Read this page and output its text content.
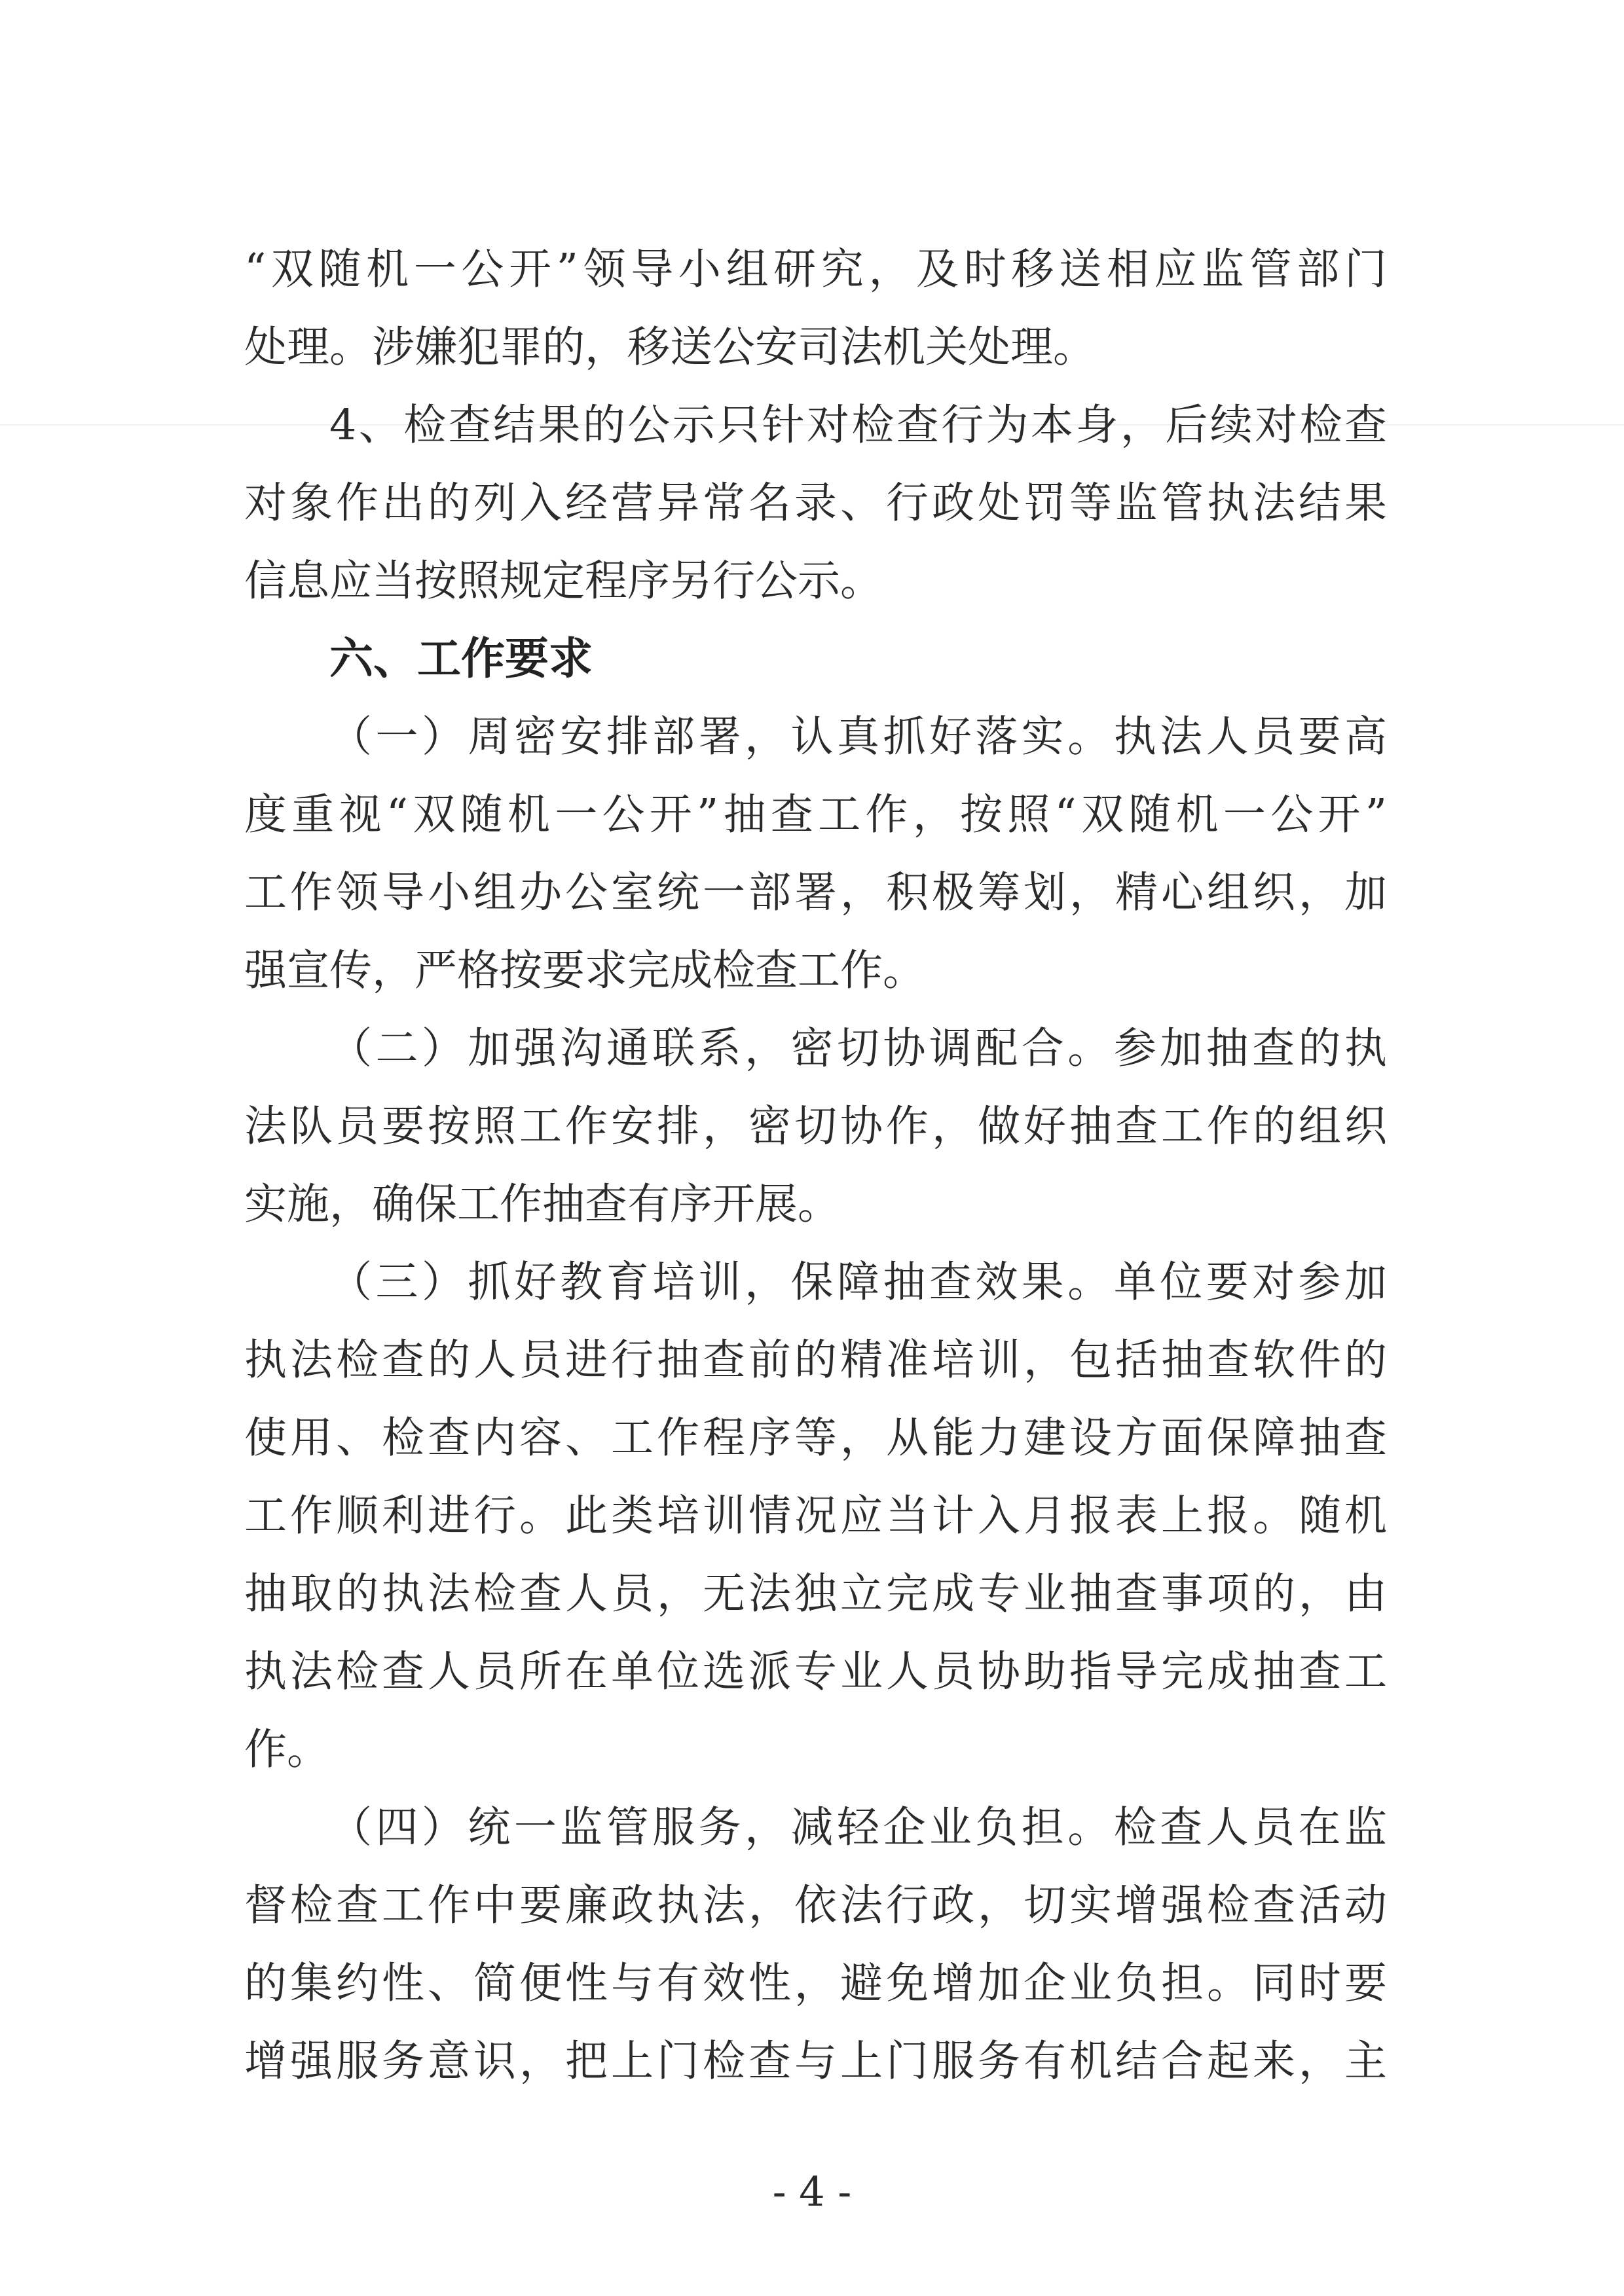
“双随机一公开”领导小组研究，及时移送相应监管部门
处理。涉嫌犯罪的，移送公安司法机关处理。
4、检查结果的公示只针对检查行为本身，后续对检查
对象作出的列入经营异常名录、行政处罚等监管执法结果
信息应当按照规定程序另行公示。
六、工作要求
（一）周密安排部署，认真抓好落实。执法人员要高
度重视“双随机一公开”抽查工作，按照“双随机一公开”
工作领导小组办公室统一部署，积极筹划，精心组织，加
强宣传，严格按要求完成检查工作。
（二）加强沟通联系，密切协调配合。参加抽查的执
法队员要按照工作安排，密切协作，做好抽查工作的组织
实施，确保工作抽查有序开展。
（三）抓好教育培训，保障抽查效果。单位要对参加
执法检查的人员进行抽查前的精准培训，包括抽查软件的
使用、检查内容、工作程序等，从能力建设方面保障抽查
工作顺利进行。此类培训情况应当计入月报表上报。随机
抽取的执法检查人员，无法独立完成专业抽查事项的，由
执法检查人员所在单位选派专业人员协助指导完成抽查工
作。
（四）统一监管服务，减轻企业负担。检查人员在监
督检查工作中要廉政执法，依法行政，切实增强检查活动
的集约性、简便性与有效性，避免增加企业负担。同时要
增强服务意识，把上门检查与上门服务有机结合起来，主
- 4 -
